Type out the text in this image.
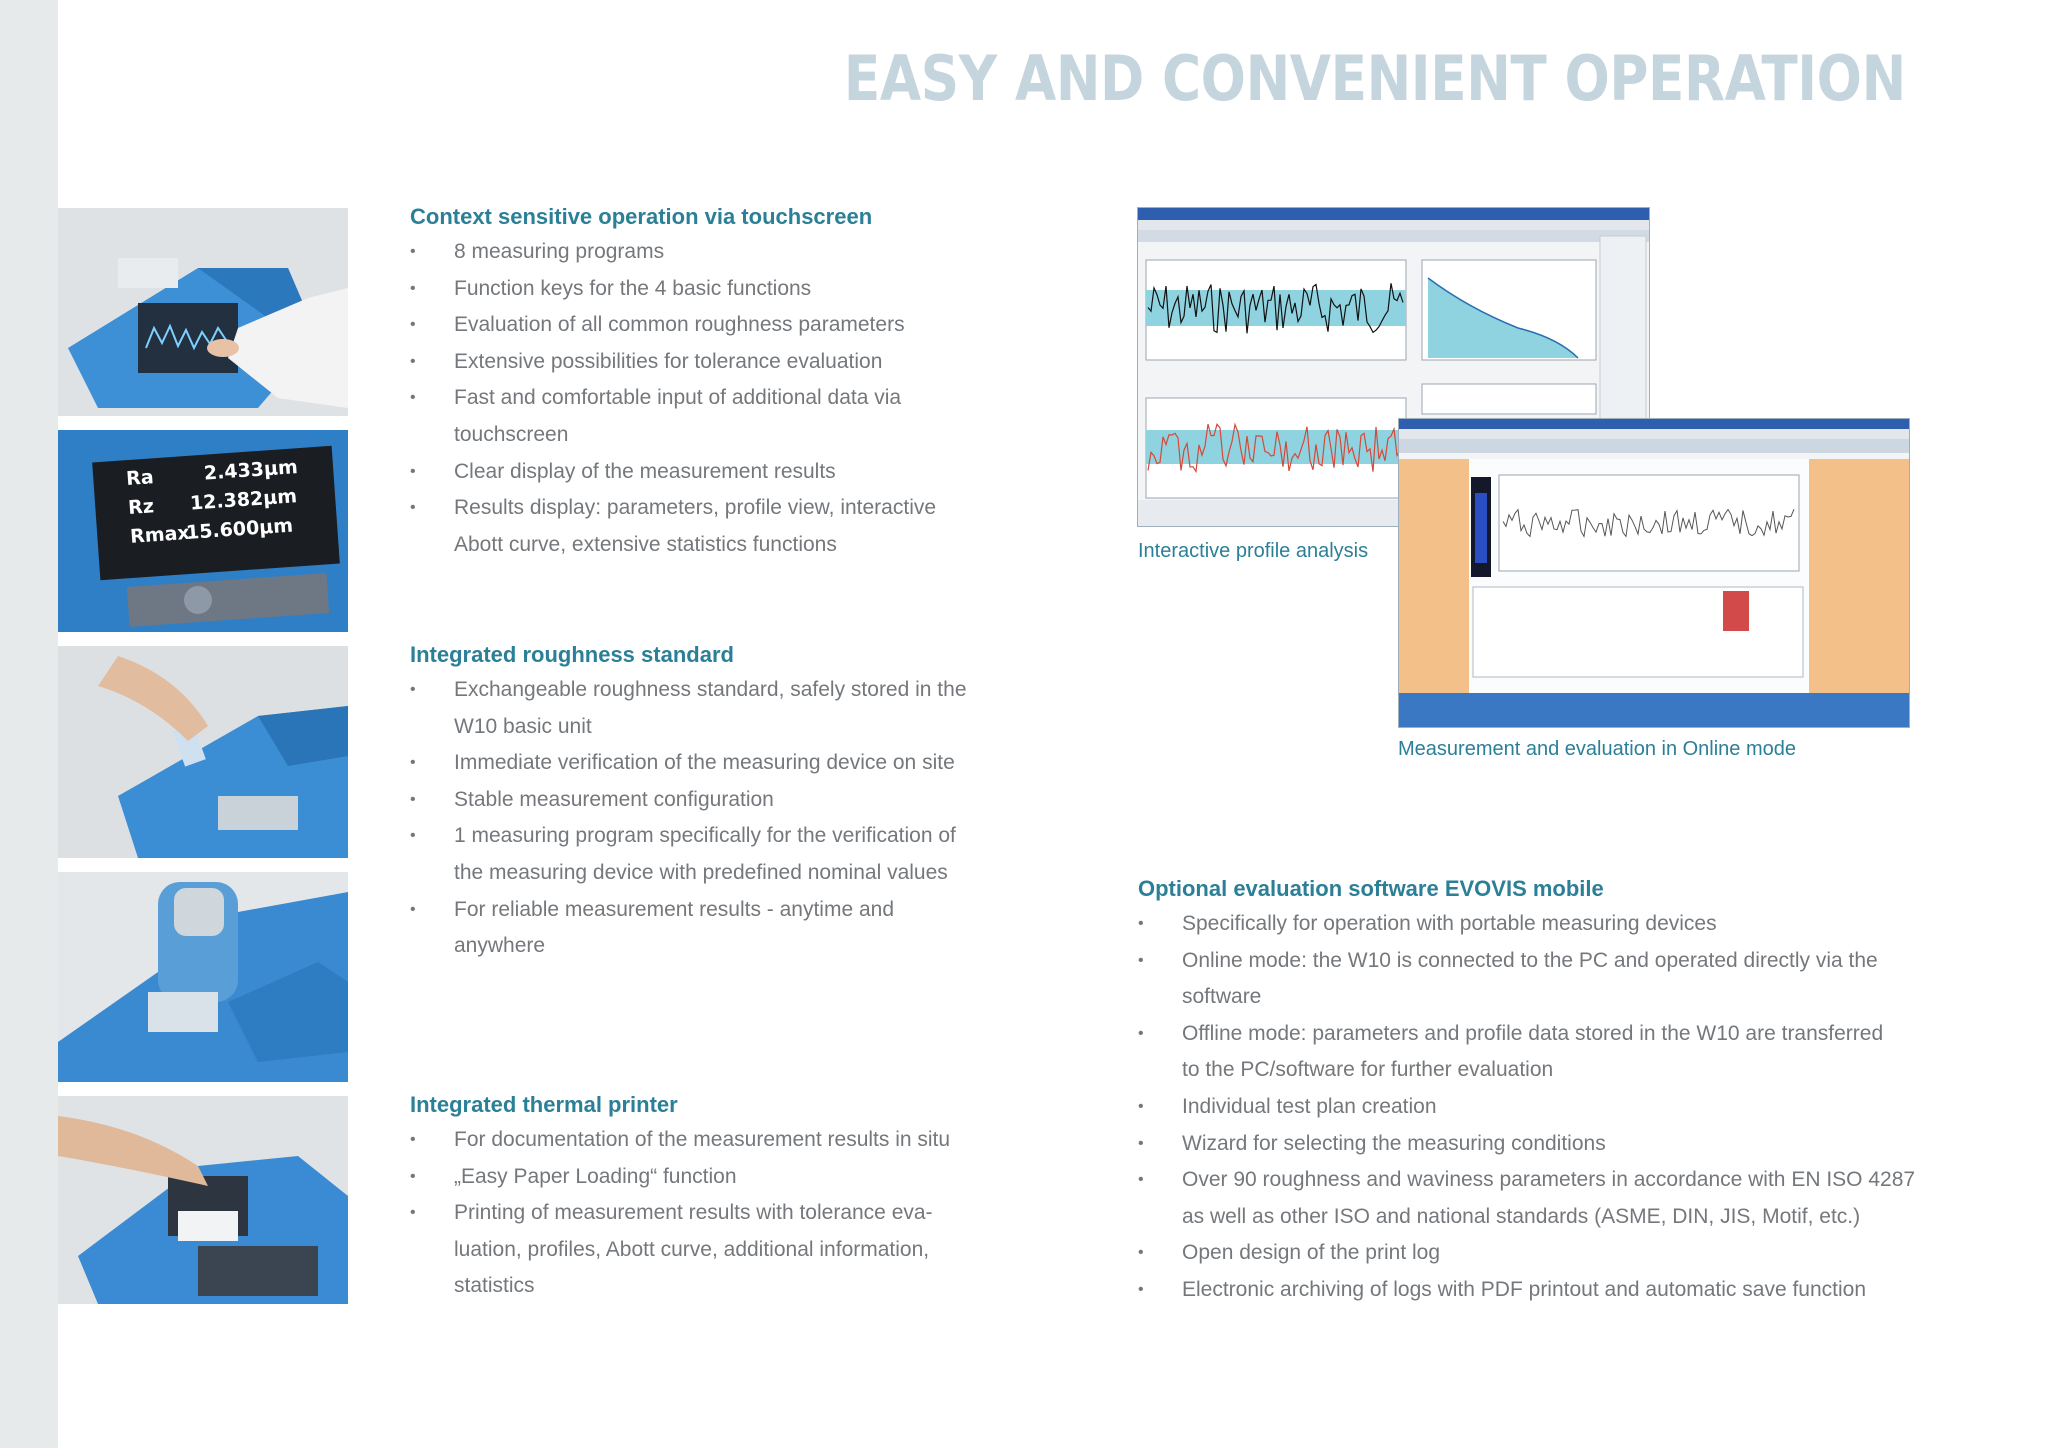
EASY AND CONVENIENT OPERATION
Ra	2.433µm
Rz 12.382µm
Rmax15.600µm
Context sensitive operation via touchscreen
•	8 measuring programs
•	Function keys for the 4 basic functions
•	Evaluation of all common roughness parameters
•	Extensive possibilities for tolerance evaluation
•	Fast and comfortable input of additional data via
touchscreen
•	Clear display of the measurement results
•	Results display: parameters, profile view, interactive
Abott curve, extensive statistics functions
Integrated roughness standard
•	Exchangeable roughness standard, safely stored in the
W10 basic unit
•	Immediate verification of the measuring device on site
•	Stable measurement configuration
•	1 measuring program specifically for the verification of
the measuring device with predefined nominal values
•	For reliable measurement results - anytime and
anywhere
Integrated thermal printer
•	For documentation of the measurement results in situ
•	„Easy Paper Loading“ function
•	Printing of measurement results with tolerance eva-
luation, profiles, Abott curve, additional information,
statistics
Interactive profile analysis
Measurement and evaluation in Online mode
Optional evaluation software EVOVIS mobile
•	Specifically for operation with portable measuring devices
•	Online mode: the W10 is connected to the PC and operated directly via the
software
•	Offline mode: parameters and profile data stored in the W10 are transferred
to the PC/software for further evaluation
•	Individual test plan creation
•	Wizard for selecting the measuring conditions
•	Over 90 roughness and waviness parameters in accordance with EN ISO 4287
as well as other ISO and national standards (ASME, DIN, JIS, Motif, etc.)
•	Open design of the print log
•	Electronic archiving of logs with PDF printout and automatic save function
